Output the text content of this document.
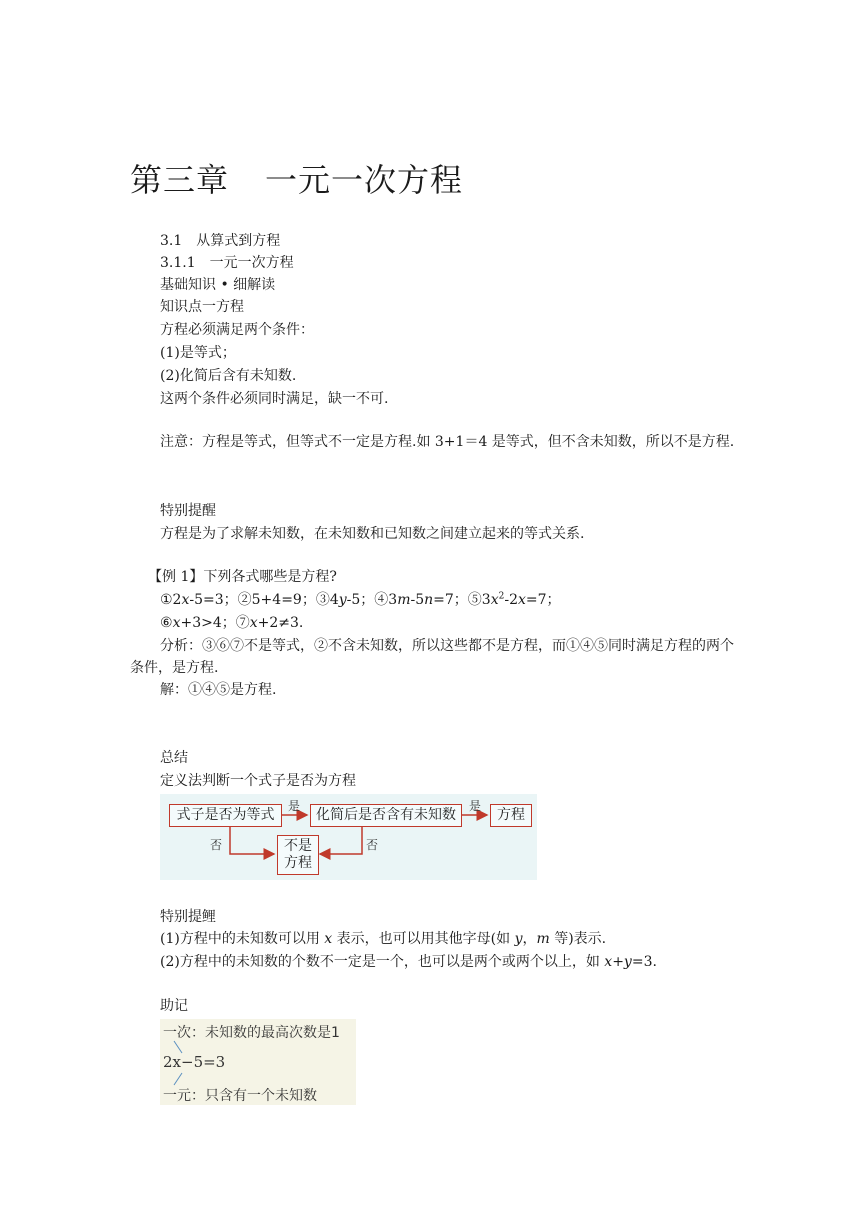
第三章 一元一次方程
3.1　从算式到方程
3.1.1　一元一次方程
基础知识 • 细解读
知识点一方程
方程必须满足两个条件：
(1)是等式；
(2)化简后含有未知数.
这两个条件必须同时满足，缺一不可.
注意：方程是等式，但等式不一定是方程.如 3+1＝4 是等式，但不含未知数，所以不是方程.
特别提醒
方程是为了求解未知数，在未知数和已知数之间建立起来的等式关系.
【例 1】下列各式哪些是方程?
①2x-5=3；②5+4=9；③4y-5；④3m-5n=7；$⑤3x^2-2x=7$；
⑥x+3>4；⑦x+2≠3.
分析：③⑥⑦不是等式，②不含未知数，所以这些都不是方程，而①④⑤同时满足方程的两个条件，是方程.
解：①④⑤是方程.
总结
定义法判断一个式子是否为方程
式子是否为等式	化简后是否含有未知数	方程
不是
方程
是	是
否	否
特别提鲤
(1)方程中的未知数可以用 x 表示，也可以用其他字母(如 y，m 等)表示.
(2)方程中的未知数的个数不一定是一个，也可以是两个或两个以上，如 x+y=3.
助记
一次：未知数的最高次数是1
2x−5=3
一元：只含有一个未知数
